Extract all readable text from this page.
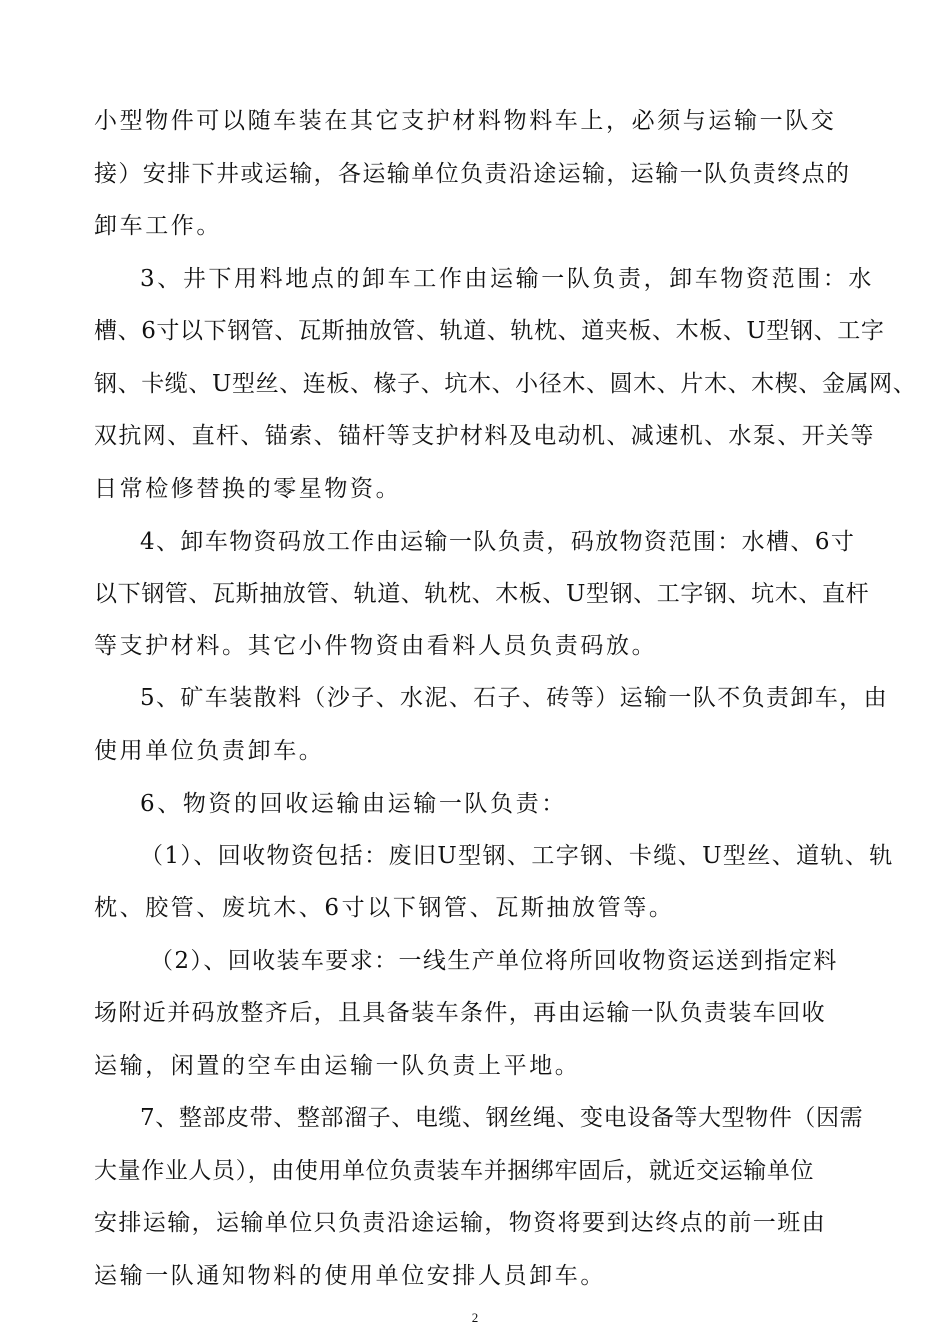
小型物件可以随车装在其它支护材料物料车上，必须与运输一队交
接）安排下井或运输，各运输单位负责沿途运输，运输一队负责终点的
卸车工作。
3、井下用料地点的卸车工作由运输一队负责，卸车物资范围：水
槽、6寸以下钢管、瓦斯抽放管、轨道、轨枕、道夹板、木板、U型钢、工字
钢、卡缆、U型丝、连板、椽子、坑木、小径木、圆木、片木、木楔、金属网、
双抗网、直杆、锚索、锚杆等支护材料及电动机、减速机、水泵、开关等
日常检修替换的零星物资。
4、卸车物资码放工作由运输一队负责，码放物资范围：水槽、6寸
以下钢管、瓦斯抽放管、轨道、轨枕、木板、U型钢、工字钢、坑木、直杆
等支护材料。其它小件物资由看料人员负责码放。
5、矿车装散料（沙子、水泥、石子、砖等）运输一队不负责卸车，由
使用单位负责卸车。
6、物资的回收运输由运输一队负责：
（1）、回收物资包括：废旧U型钢、工字钢、卡缆、U型丝、道轨、轨
枕、胶管、废坑木、6寸以下钢管、瓦斯抽放管等。
（2）、回收装车要求：一线生产单位将所回收物资运送到指定料
场附近并码放整齐后，且具备装车条件，再由运输一队负责装车回收
运输，闲置的空车由运输一队负责上平地。
7、整部皮带、整部溜子、电缆、钢丝绳、变电设备等大型物件（因需
大量作业人员），由使用单位负责装车并捆绑牢固后，就近交运输单位
安排运输，运输单位只负责沿途运输，物资将要到达终点的前一班由
运输一队通知物料的使用单位安排人员卸车。
2
